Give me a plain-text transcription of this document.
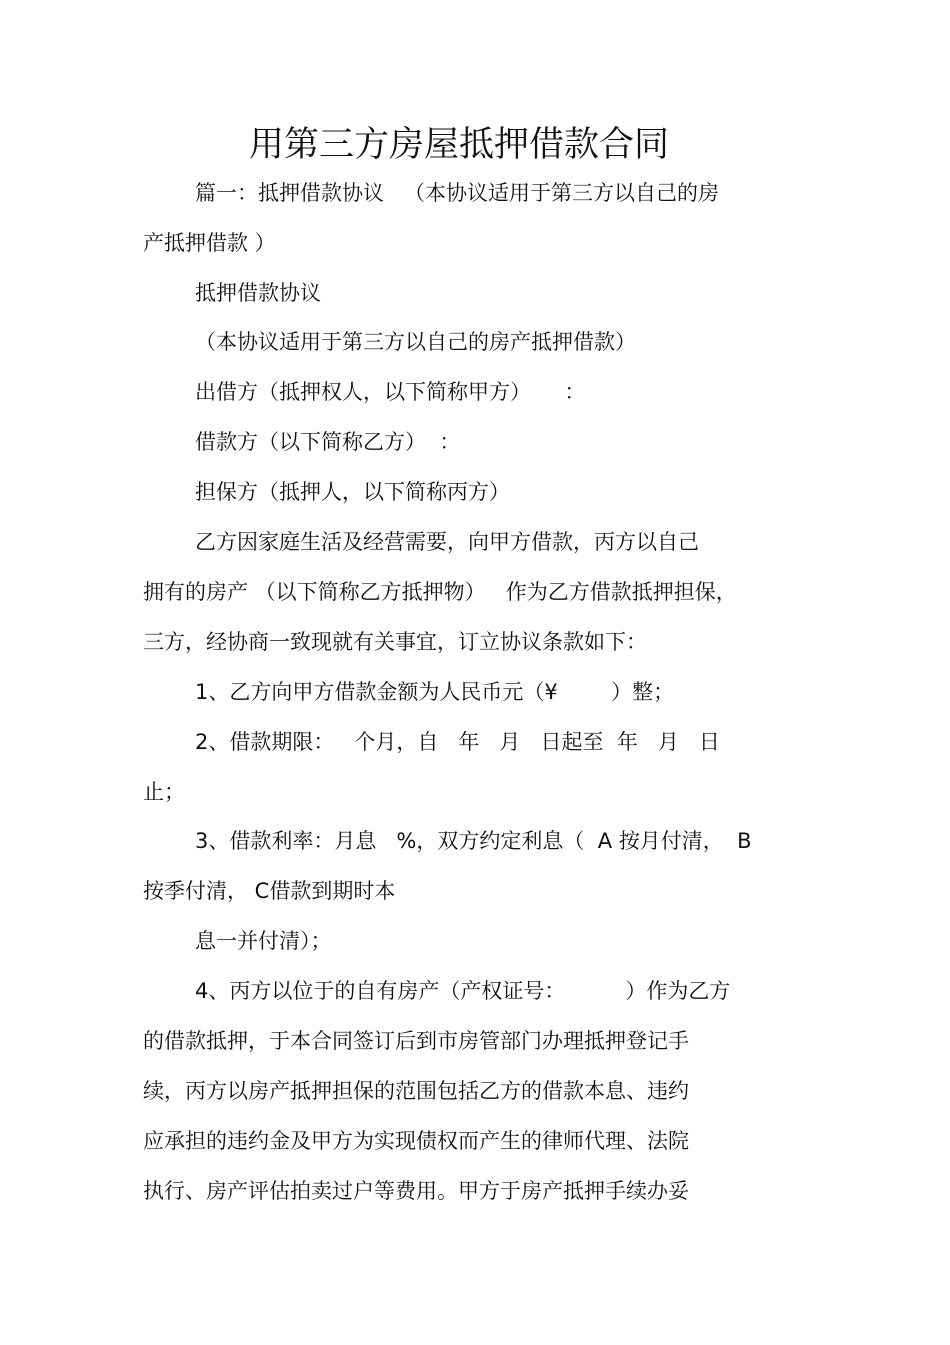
用第三方房屋抵押借款合同

篇一：抵押借款协议   （本协议适用于第三方以自己的房

产抵押借款 ）

抵押借款协议

（本协议适用于第三方以自己的房产抵押借款）

出借方（抵押权人，以下简称甲方）     ：

借款方（以下简称乙方）  ：

担保方（抵押人，以下简称丙方）

乙方因家庭生活及经营需要，向甲方借款，丙方以自己

拥有的房产 （以下简称乙方抵押物）   作为乙方借款抵押担保，

三方，经协商一致现就有关事宜，订立协议条款如下：

1、乙方向甲方借款金额为人民币元（¥        ）整；

2、借款期限：   个月，自   年   月   日起至  年   月   日

止；

3、借款利率：月息   %，双方约定利息（  A 按月付清，  B

按季付清， C借款到期时本

息一并付清）；

4、丙方以位于的自有房产（产权证号：         ）作为乙方

的借款抵押，于本合同签订后到市房管部门办理抵押登记手

续，丙方以房产抵押担保的范围包括乙方的借款本息、违约

应承担的违约金及甲方为实现债权而产生的律师代理、法院

执行、房产评估拍卖过户等费用。甲方于房产抵押手续办妥
